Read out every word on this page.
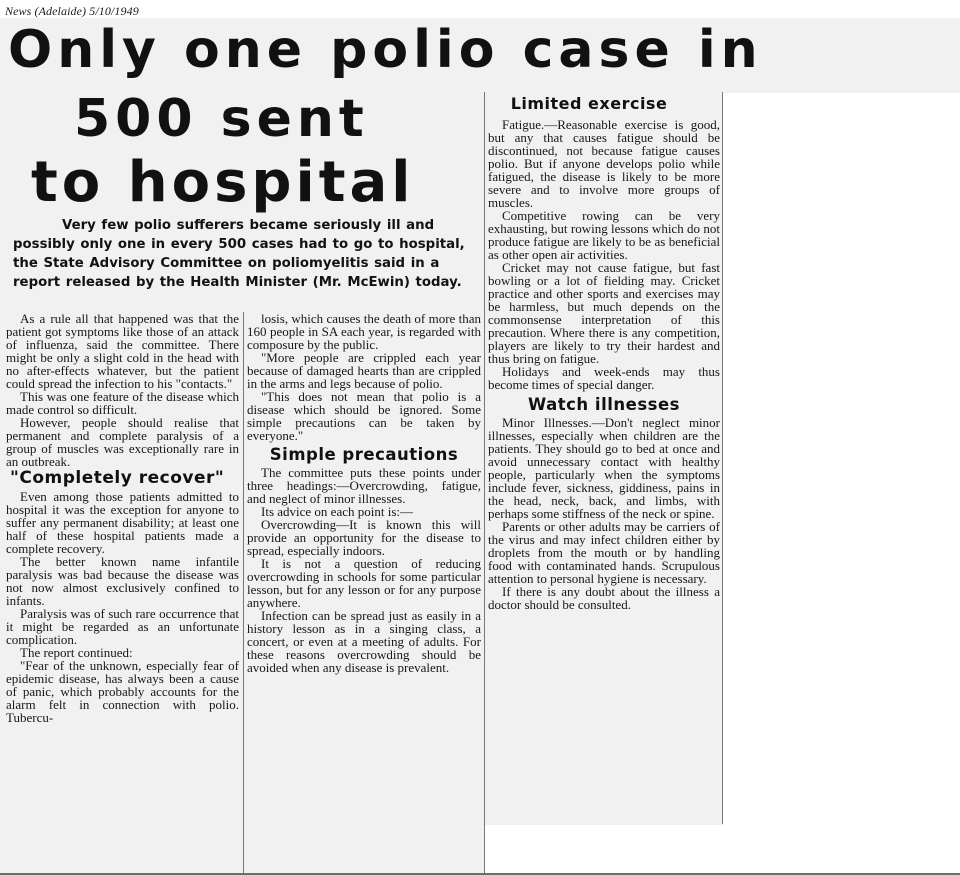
News (Adelaide) 5/10/1949
Only one polio case in
500 sent
to hospital
Very few polio sufferers became seriously ill and possibly only one in every 500 cases had to go to hospital, the State Advisory Committee on poliomyelitis said in a report released by the Health Minister (Mr. McEwin) today.

As a rule all that happened was that the patient got symptoms like those of an attack of influenza, said the committee. There might be only a slight cold in the head with no after-effects whatever, but the patient could spread the infection to his "contacts."

This was one feature of the disease which made control so difficult.

However, people should realise that permanent and complete paralysis of a group of muscles was exceptionally rare in an outbreak.

"Completely recover"

Even among those patients admitted to hospital it was the exception for anyone to suffer any permanent disability; at least one half of these hospital patients made a complete recovery.

The better known name infantile paralysis was bad because the disease was not now almost exclusively confined to infants.

Paralysis was of such rare occurrence that it might be regarded as an unfortunate complication.

The report continued:

"Fear of the unknown, especially fear of epidemic disease, has always been a cause of panic, which probably accounts for the alarm felt in connection with polio. Tubercu-

losis, which causes the death of more than 160 people in SA each year, is regarded with composure by the public.

"More people are crippled each year because of damaged hearts than are crippled in the arms and legs because of polio.

"This does not mean that polio is a disease which should be ignored. Some simple precautions can be taken by everyone."

Simple precautions

The committee puts these points under three headings:—Overcrowding, fatigue, and neglect of minor illnesses.

Its advice on each point is:—

Overcrowding—It is known this will provide an opportunity for the disease to spread, especially indoors.

It is not a question of reducing overcrowding in schools for some particular lesson, but for any lesson or for any purpose anywhere.

Infection can be spread just as easily in a history lesson as in a singing class, a concert, or even at a meeting of adults. For these reasons overcrowding should be avoided when any disease is prevalent.

Limited exercise

Fatigue.—Reasonable exercise is good, but any that causes fatigue should be discontinued, not because fatigue causes polio. But if anyone develops polio while fatigued, the disease is likely to be more severe and to involve more groups of muscles.

Competitive rowing can be very exhausting, but rowing lessons which do not produce fatigue are likely to be as beneficial as other open air activities.

Cricket may not cause fatigue, but fast bowling or a lot of fielding may. Cricket practice and other sports and exercises may be harmless, but much depends on the commonsense interpretation of this precaution. Where there is any competition, players are likely to try their hardest and thus bring on fatigue.

Holidays and week-ends may thus become times of special danger.

Watch illnesses

Minor Illnesses.—Don't neglect minor illnesses, especially when children are the patients. They should go to bed at once and avoid unnecessary contact with healthy people, particularly when the symptoms include fever, sickness, giddiness, pains in the head, neck, back, and limbs, with perhaps some stiffness of the neck or spine.

Parents or other adults may be carriers of the virus and may infect children either by droplets from the mouth or by handling food with contaminated hands. Scrupulous attention to personal hygiene is necessary.

If there is any doubt about the illness a doctor should be consulted.
